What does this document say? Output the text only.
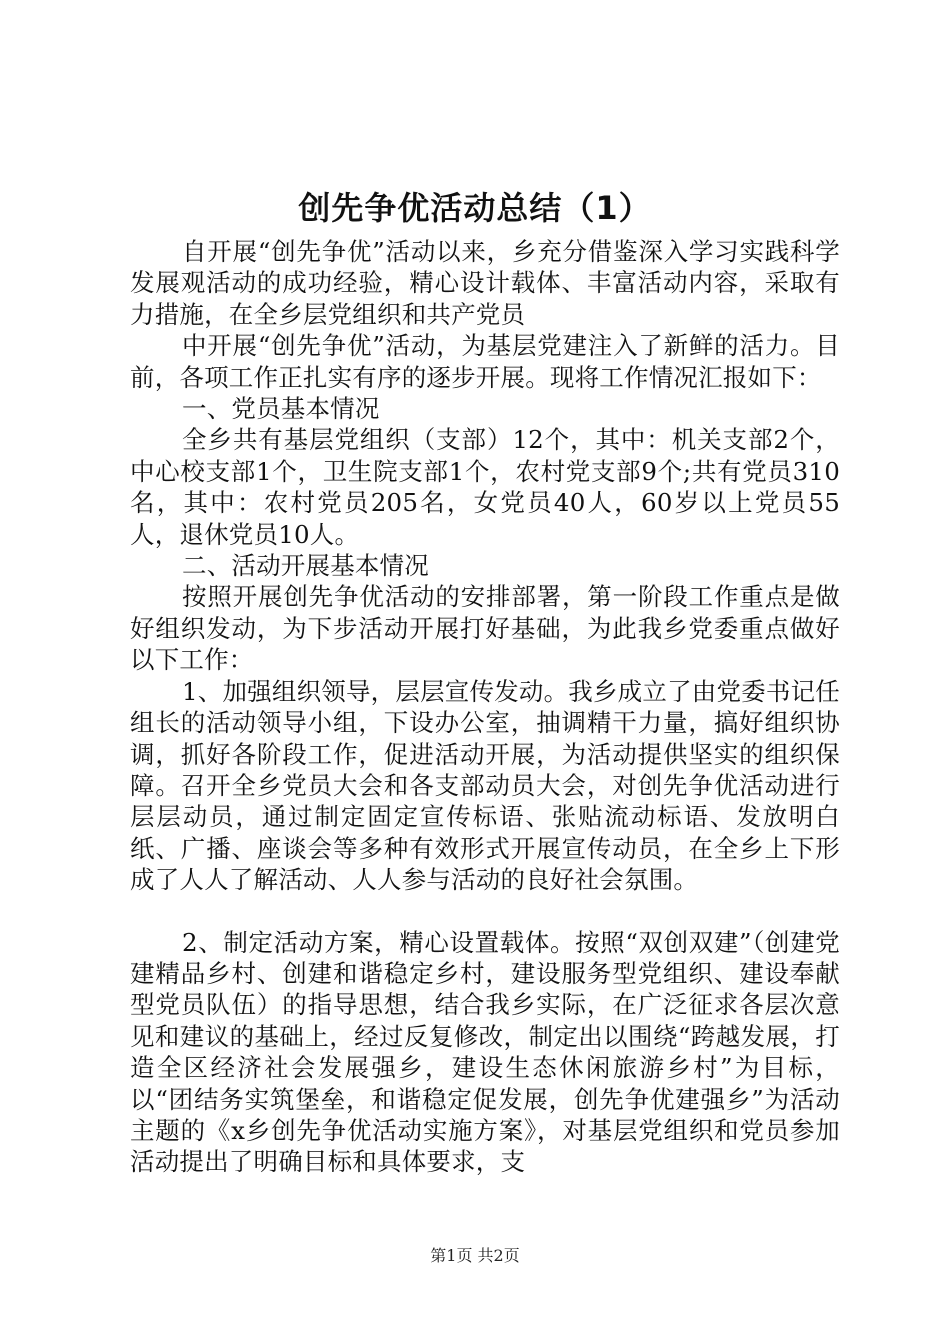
创先争优活动总结（1）

自开展“创先争优”活动以来，乡充分借鉴深入学习实践科学发展观活动的成功经验，精心设计载体、丰富活动内容，采取有力措施，在全乡层党组织和共产党员

中开展“创先争优”活动，为基层党建注入了新鲜的活力。目前，各项工作正扎实有序的逐步开展。现将工作情况汇报如下：

一、党员基本情况

全乡共有基层党组织（支部）12个，其中：机关支部2个，中心校支部1个，卫生院支部1个，农村党支部9个;共有党员310名，其中：农村党员205名，女党员40人，60岁以上党员55人，退休党员10人。

二、活动开展基本情况

按照开展创先争优活动的安排部署，第一阶段工作重点是做好组织发动，为下步活动开展打好基础，为此我乡党委重点做好以下工作：

1、加强组织领导，层层宣传发动。我乡成立了由党委书记任组长的活动领导小组，下设办公室，抽调精干力量，搞好组织协调，抓好各阶段工作，促进活动开展，为活动提供坚实的组织保障。召开全乡党员大会和各支部动员大会，对创先争优活动进行层层动员，通过制定固定宣传标语、张贴流动标语、发放明白纸、广播、座谈会等多种有效形式开展宣传动员，在全乡上下形成了人人了解活动、人人参与活动的良好社会氛围。

2、制定活动方案，精心设置载体。按照“双创双建”（创建党建精品乡村、创建和谐稳定乡村，建设服务型党组织、建设奉献型党员队伍）的指导思想，结合我乡实际，在广泛征求各层次意见和建议的基础上，经过反复修改，制定出以围绕“跨越发展，打造全区经济社会发展强乡，建设生态休闲旅游乡村”为目标，以“团结务实筑堡垒，和谐稳定促发展，创先争优建强乡”为活动主题的《x乡创先争优活动实施方案》，对基层党组织和党员参加活动提出了明确目标和具体要求，支

第1页 共2页
